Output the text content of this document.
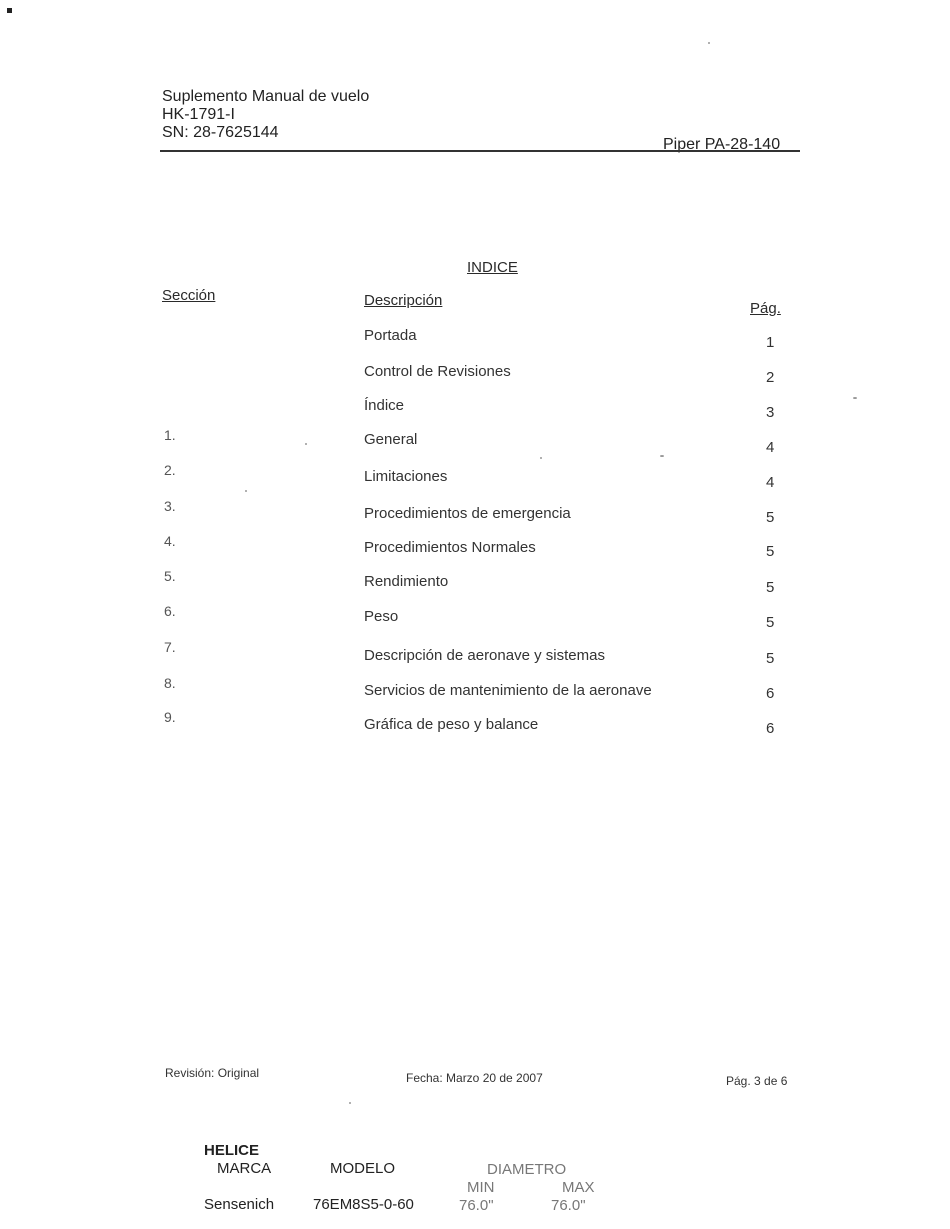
Suplemento Manual de vuelo
HK-1791-I
SN: 28-7625144
Piper PA-28-140
INDICE
Sección	Descripción	Pág.
Portada	1
Control de Revisiones	2
Índice	3
1.	General	4
2.	Limitaciones	4
3.	Procedimientos de emergencia	5
4.	Procedimientos Normales	5
5.	Rendimiento	5
6.	Peso	5
7.	Descripción de aeronave y sistemas	5
8.	Servicios de mantenimiento de la aeronave	6
9.	Gráfica de peso y balance	6
Revisión: Original	Fecha: Marzo 20 de 2007	Pág. 3 de 6
HELICE
MARCA	MODELO	DIAMETRO
MIN	MAX
Sensenich	76EM8S5-0-60	76.0"	76.0"
